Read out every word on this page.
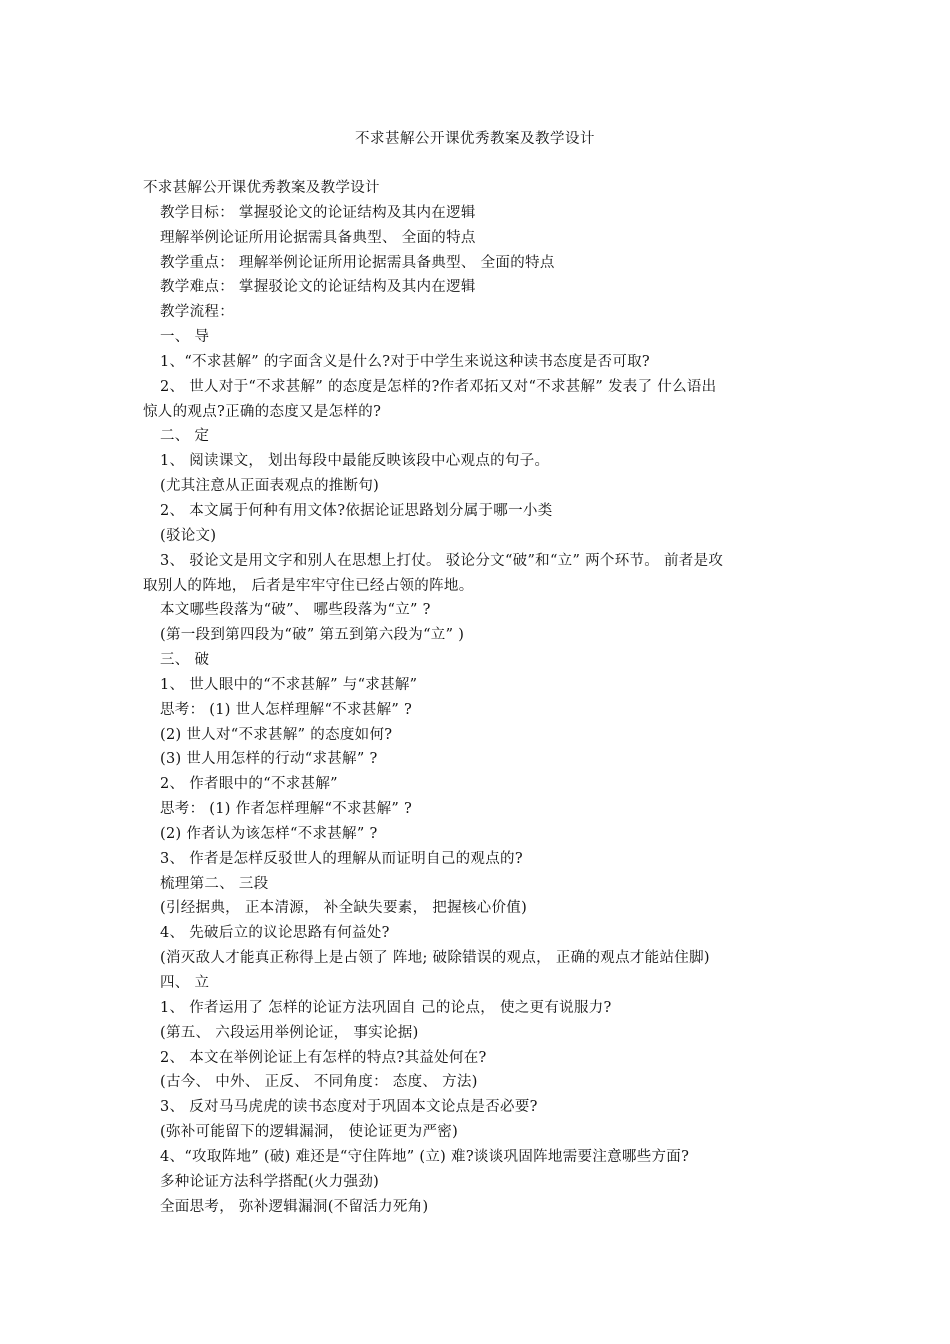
不求甚解公开课优秀教案及教学设计
不求甚解公开课优秀教案及教学设计
教学目标： 掌握驳论文的论证结构及其内在逻辑
理解举例论证所用论据需具备典型、 全面的特点
教学重点： 理解举例论证所用论据需具备典型、 全面的特点
教学难点： 掌握驳论文的论证结构及其内在逻辑
教学流程：
一、 导
1、“不求甚解” 的字面含义是什么?对于中学生来说这种读书态度是否可取?
2、 世人对于“不求甚解” 的态度是怎样的?作者邓拓又对“不求甚解” 发表了 什么语出
惊人的观点?正确的态度又是怎样的?
二、 定
1、 阅读课文， 划出每段中最能反映该段中心观点的句子。
(尤其注意从正面表观点的推断句)
2、 本文属于何种有用文体?依据论证思路划分属于哪一小类
(驳论文)
3、 驳论文是用文字和别人在思想上打仗。 驳论分文“破”和“立” 两个环节。 前者是攻
取别人的阵地， 后者是牢牢守住已经占领的阵地。
本文哪些段落为“破”、 哪些段落为“立” ?
(第一段到第四段为“破” 第五到第六段为“立” )
三、 破
1、 世人眼中的“不求甚解” 与“求甚解”
思考： (1) 世人怎样理解“不求甚解” ?
(2) 世人对“不求甚解” 的态度如何?
(3) 世人用怎样的行动“求甚解” ?
2、 作者眼中的“不求甚解”
思考： (1) 作者怎样理解“不求甚解” ?
(2) 作者认为该怎样“不求甚解” ?
3、 作者是怎样反驳世人的理解从而证明自己的观点的?
梳理第二、 三段
(引经据典， 正本清源， 补全缺失要素， 把握核心价值)
4、 先破后立的议论思路有何益处?
(消灭敌人才能真正称得上是占领了 阵地; 破除错误的观点， 正确的观点才能站住脚)
四、 立
1、 作者运用了 怎样的论证方法巩固自 己的论点， 使之更有说服力?
(第五、 六段运用举例论证， 事实论据)
2、 本文在举例论证上有怎样的特点?其益处何在?
(古今、 中外、 正反、 不同角度： 态度、 方法)
3、 反对马马虎虎的读书态度对于巩固本文论点是否必要?
(弥补可能留下的逻辑漏洞， 使论证更为严密)
4、“攻取阵地” (破) 难还是“守住阵地” (立) 难?谈谈巩固阵地需要注意哪些方面?
多种论证方法科学搭配(火力强劲)
全面思考， 弥补逻辑漏洞(不留活力死角)
